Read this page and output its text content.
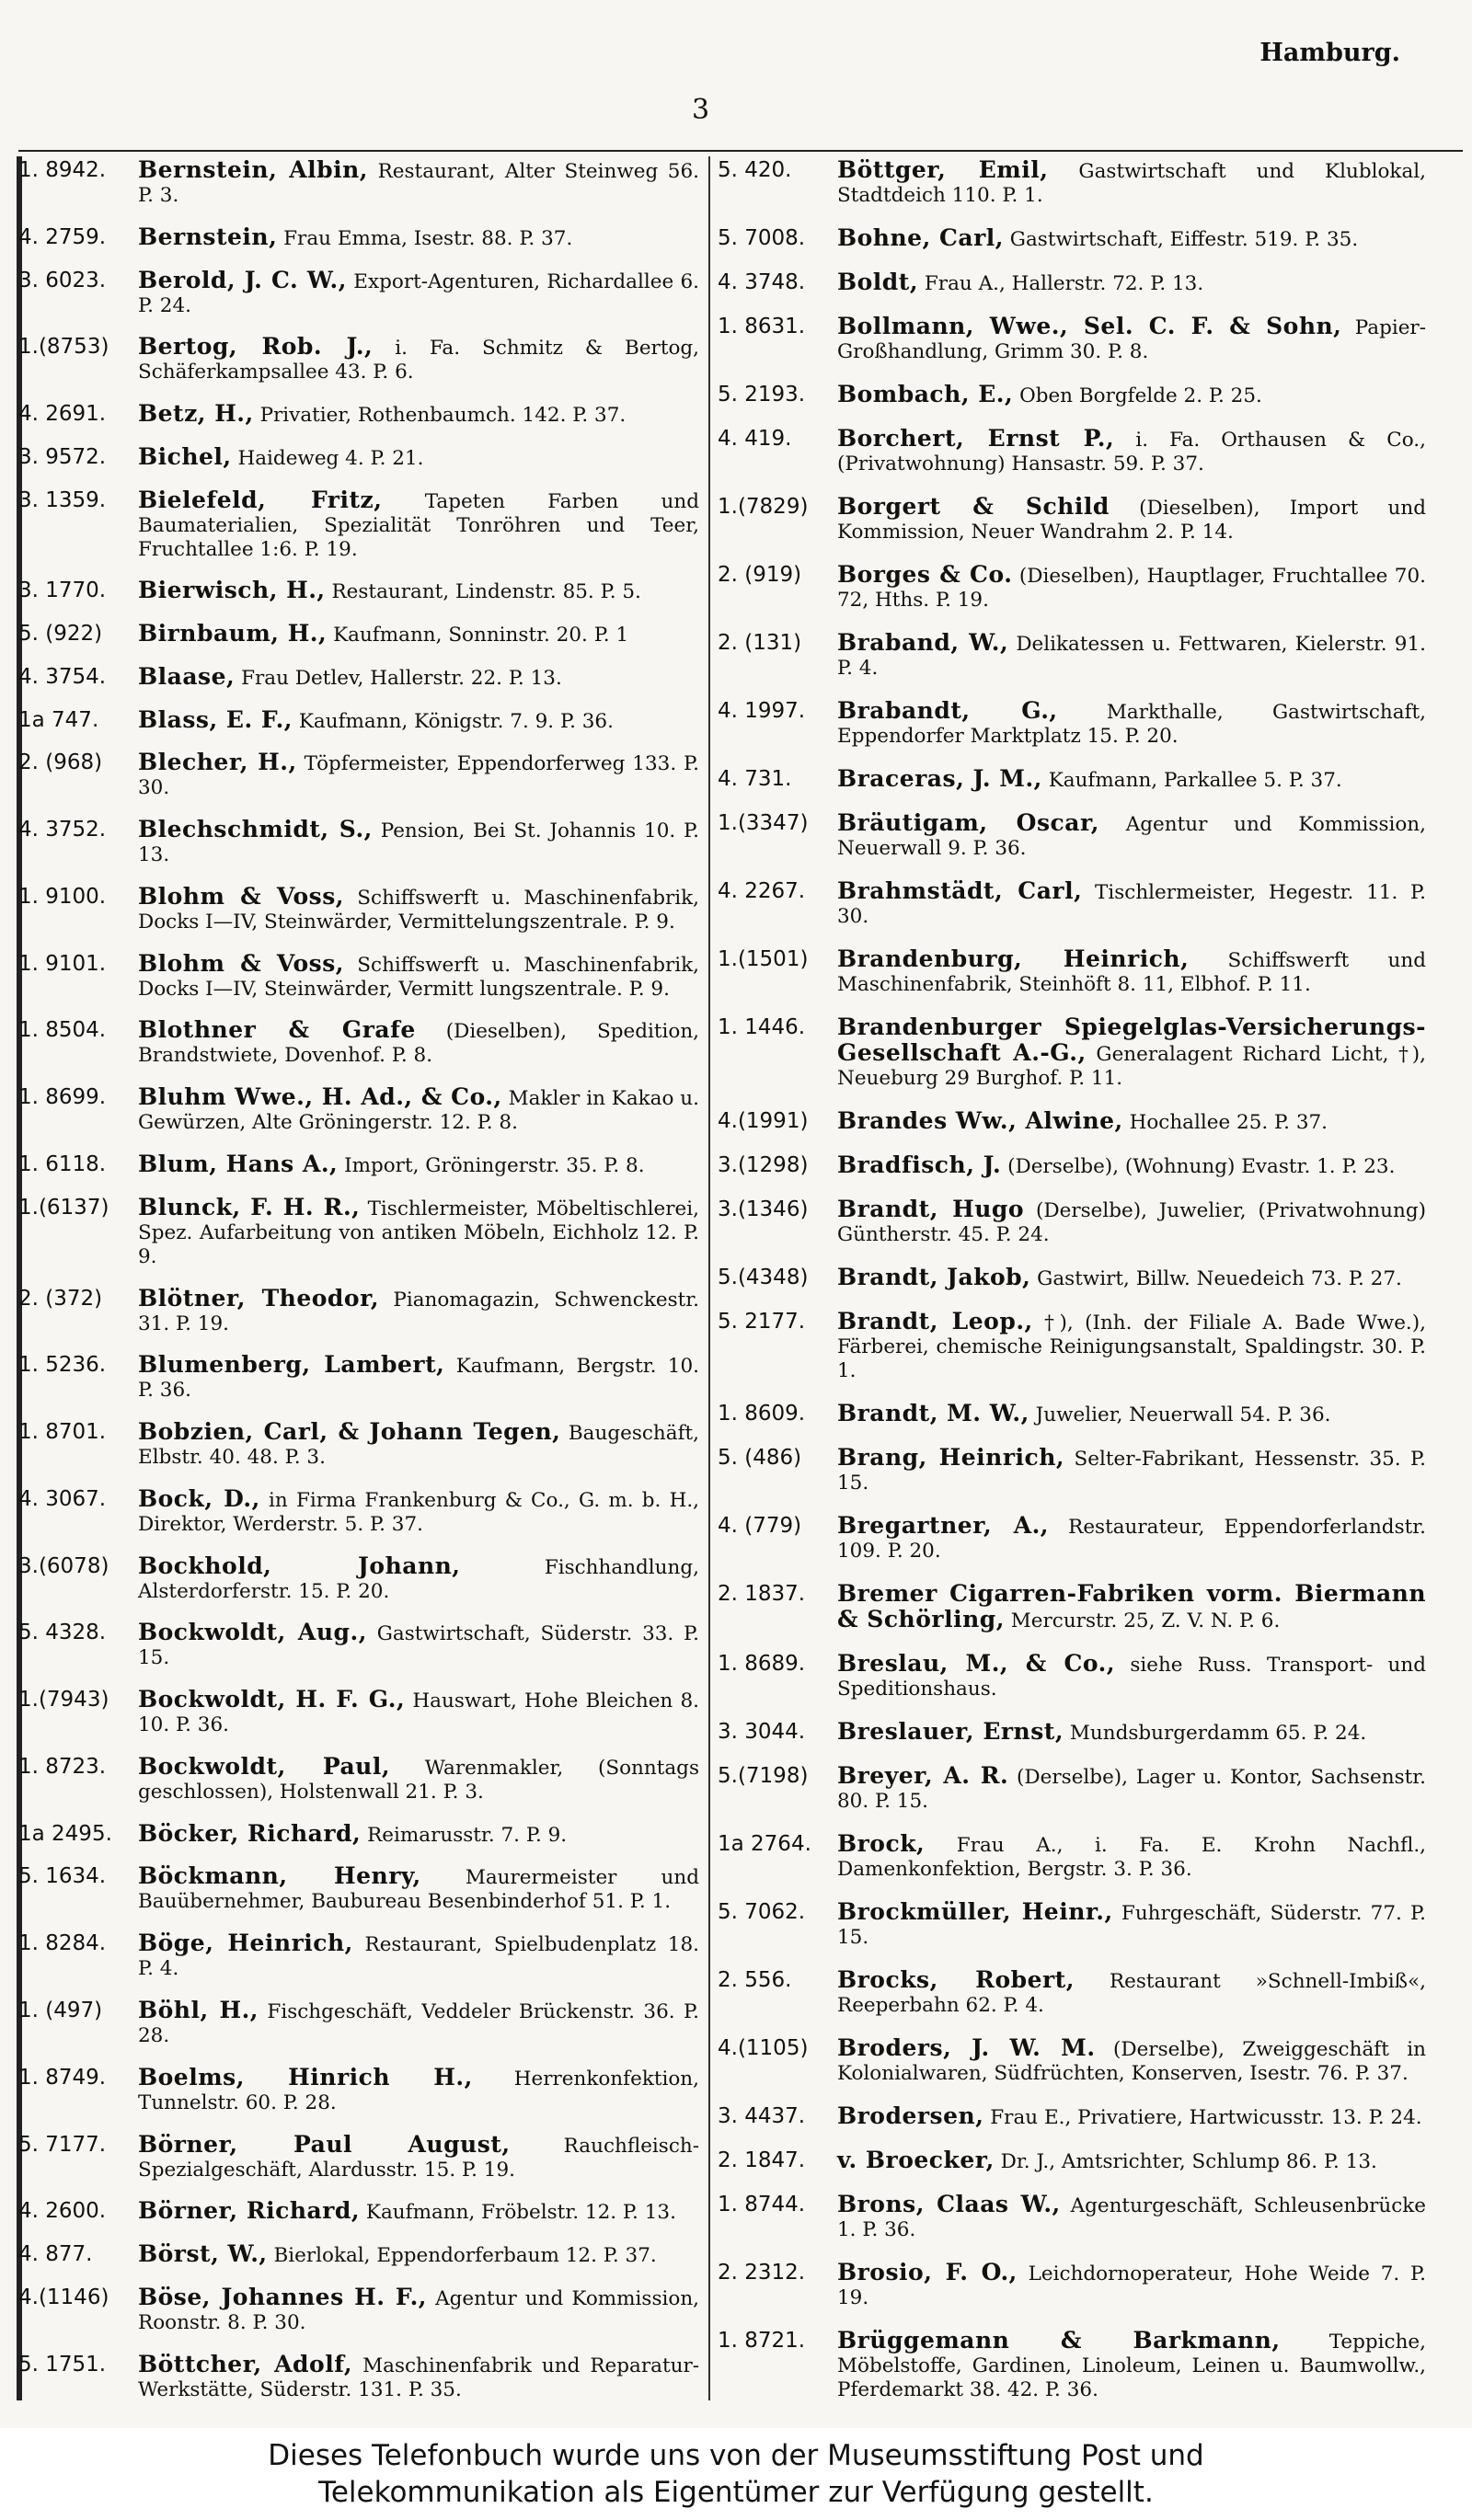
Hamburg.
3
1. 8942.	Bernstein, Albin, Restaurant, Alter Steinweg 56. P. 3.
4. 2759.	Bernstein, Frau Emma, Isestr. 88. P. 37.
3. 6023.	Berold, J. C. W., Export-Agenturen, Richardallee 6. P. 24.
1.(8753)	Bertog, Rob. J., i. Fa. Schmitz & Bertog, Schäferkampsallee 43. P. 6.
4. 2691.	Betz, H., Privatier, Rothenbaumch. 142. P. 37.
3. 9572.	Bichel, Haideweg 4. P. 21.
3. 1359.	Bielefeld, Fritz, Tapeten Farben und Baumaterialien, Spezialität Tonröhren und Teer, Fruchtallee 1:6. P. 19.
3. 1770.	Bierwisch, H., Restaurant, Lindenstr. 85. P. 5.
5. (922)	Birnbaum, H., Kaufmann, Sonninstr. 20. P. 1
4. 3754.	Blaase, Frau Detlev, Hallerstr. 22. P. 13.
1a 747.	Blass, E. F., Kaufmann, Königstr. 7. 9. P. 36.
2. (968)	Blecher, H., Töpfermeister, Eppendorferweg 133. P. 30.
4. 3752.	Blechschmidt, S., Pension, Bei St. Johannis 10. P. 13.
1. 9100.	Blohm & Voss, Schiffswerft u. Maschinenfabrik, Docks I—IV, Steinwärder, Vermittelungszentrale. P. 9.
1. 9101.	Blohm & Voss, Schiffswerft u. Maschinenfabrik, Docks I—IV, Steinwärder, Vermitt lungszentrale. P. 9.
1. 8504.	Blothner & Grafe (Dieselben), Spedition, Brandstwiete, Dovenhof. P. 8.
1. 8699.	Bluhm Wwe., H. Ad., & Co., Makler in Kakao u. Gewürzen, Alte Gröningerstr. 12. P. 8.
1. 6118.	Blum, Hans A., Import, Gröningerstr. 35. P. 8.
1.(6137)	Blunck, F. H. R., Tischlermeister, Möbeltischlerei, Spez. Aufarbeitung von antiken Möbeln, Eichholz 12. P. 9.
2. (372)	Blötner, Theodor, Pianomagazin, Schwenckestr. 31. P. 19.
1. 5236.	Blumenberg, Lambert, Kaufmann, Bergstr. 10. P. 36.
1. 8701.	Bobzien, Carl, & Johann Tegen, Baugeschäft, Elbstr. 40. 48. P. 3.
4. 3067.	Bock, D., in Firma Frankenburg & Co., G. m. b. H., Direktor, Werderstr. 5. P. 37.
3.(6078)	Bockhold, Johann,	Fischhandlung, Alsterdorferstr. 15. P. 20.
5. 4328.	Bockwoldt, Aug., Gastwirtschaft, Süderstr. 33. P. 15.
1.(7943)	Bockwoldt, H. F. G., Hauswart, Hohe Bleichen 8. 10. P. 36.
1. 8723.	Bockwoldt, Paul, Warenmakler, (Sonntags geschlossen), Holstenwall 21. P. 3.
1a 2495.	Böcker, Richard, Reimarusstr. 7. P. 9.
5. 1634.	Böckmann, Henry, Maurermeister und Bauübernehmer, Baubureau Besenbinderhof 51. P. 1.
1. 8284.	Böge, Heinrich, Restaurant, Spielbudenplatz 18. P. 4.
1. (497)	Böhl, H., Fischgeschäft, Veddeler Brückenstr. 36. P. 28.
1. 8749.	Boelms, Hinrich H., Herrenkonfektion, Tunnelstr. 60. P. 28.
5. 7177.	Börner, Paul August,	Rauchfleisch-Spezialgeschäft, Alardusstr. 15. P. 19.
4. 2600.	Börner, Richard, Kaufmann, Fröbelstr. 12. P. 13.
4. 877.	Börst, W., Bierlokal, Eppendorferbaum 12. P. 37.
4.(1146)	Böse, Johannes H. F., Agentur und Kommission, Roonstr. 8. P. 30.
5. 1751.	Böttcher, Adolf, Maschinenfabrik und Reparatur-Werkstätte, Süderstr. 131. P. 35.
5. 420.	Böttger, Emil, Gastwirtschaft und Klublokal, Stadtdeich 110. P. 1.
5. 7008.	Bohne, Carl, Gastwirtschaft, Eiffestr. 519. P. 35.
4. 3748.	Boldt, Frau A., Hallerstr. 72. P. 13.
1. 8631.	Bollmann, Wwe., Sel. C. F. & Sohn, Papier-Großhandlung, Grimm 30. P. 8.
5. 2193.	Bombach, E., Oben Borgfelde 2. P. 25.
4. 419.	Borchert, Ernst P., i. Fa. Orthausen & Co., (Privatwohnung) Hansastr. 59. P. 37.
1.(7829)	Borgert & Schild (Dieselben), Import und Kommission, Neuer Wandrahm 2. P. 14.
2. (919)	Borges & Co. (Dieselben), Hauptlager, Fruchtallee 70. 72, Hths. P. 19.
2. (131)	Braband, W., Delikatessen u. Fettwaren, Kielerstr. 91. P. 4.
4. 1997.	Brabandt, G., Markthalle, Gastwirtschaft, Eppendorfer Marktplatz 15. P. 20.
4. 731.	Braceras, J. M., Kaufmann, Parkallee 5. P. 37.
1.(3347)	Bräutigam, Oscar, Agentur und Kommission, Neuerwall 9. P. 36.
4. 2267.	Brahmstädt, Carl, Tischlermeister, Hegestr. 11. P. 30.
1.(1501)	Brandenburg, Heinrich, Schiffswerft und Maschinenfabrik, Steinhöft 8. 11, Elbhof. P. 11.
1. 1446.	Brandenburger Spiegelglas-Versicherungs-Gesellschaft A.-G., Generalagent Richard Licht, †), Neueburg 29 Burghof. P. 11.
4.(1991)	Brandes Ww., Alwine, Hochallee 25. P. 37.
3.(1298)	Bradfisch, J. (Derselbe), (Wohnung) Evastr. 1. P. 23.
3.(1346)	Brandt, Hugo (Derselbe), Juwelier, (Privatwohnung) Güntherstr. 45. P. 24.
5.(4348)	Brandt, Jakob, Gastwirt, Billw. Neuedeich 73. P. 27.
5. 2177.	Brandt, Leop., †), (Inh. der Filiale A. Bade Wwe.), Färberei, chemische Reinigungsanstalt, Spaldingstr. 30. P. 1.
1. 8609.	Brandt, M. W., Juwelier, Neuerwall 54. P. 36.
5. (486)	Brang, Heinrich, Selter-Fabrikant, Hessenstr. 35. P. 15.
4. (779)	Bregartner, A., Restaurateur, Eppendorferlandstr. 109. P. 20.
2. 1837.	Bremer Cigarren-Fabriken vorm. Biermann & Schörling, Mercurstr. 25, Z. V. N. P. 6.
1. 8689.	Breslau, M., & Co., siehe Russ. Transport- und Speditionshaus.
3. 3044.	Breslauer, Ernst, Mundsburgerdamm 65. P. 24.
5.(7198)	Breyer, A. R. (Derselbe), Lager u. Kontor, Sachsenstr. 80. P. 15.
1a 2764.	Brock, Frau A., i. Fa. E. Krohn Nachfl., Damenkonfektion, Bergstr. 3. P. 36.
5. 7062.	Brockmüller, Heinr., Fuhrgeschäft, Süderstr. 77. P. 15.
2. 556.	Brocks, Robert, Restaurant »Schnell-Imbiß«, Reeperbahn 62. P. 4.
4.(1105)	Broders, J. W. M. (Derselbe), Zweiggeschäft in Kolonialwaren, Südfrüchten, Konserven, Isestr. 76. P. 37.
3. 4437.	Brodersen, Frau E., Privatiere, Hartwicusstr. 13. P. 24.
2. 1847.	v. Broecker, Dr. J., Amtsrichter, Schlump 86. P. 13.
1. 8744.	Brons, Claas W., Agenturgeschäft, Schleusenbrücke 1. P. 36.
2. 2312.	Brosio, F. O., Leichdornoperateur, Hohe Weide 7. P. 19.
1. 8721.	Brüggemann & Barkmann, Teppiche, Möbelstoffe, Gardinen, Linoleum, Leinen u. Baumwollw., Pferdemarkt 38. 42. P. 36.
Dieses Telefonbuch wurde uns von der Museumsstiftung Post und
Telekommunikation als Eigentümer zur Verfügung gestellt.
